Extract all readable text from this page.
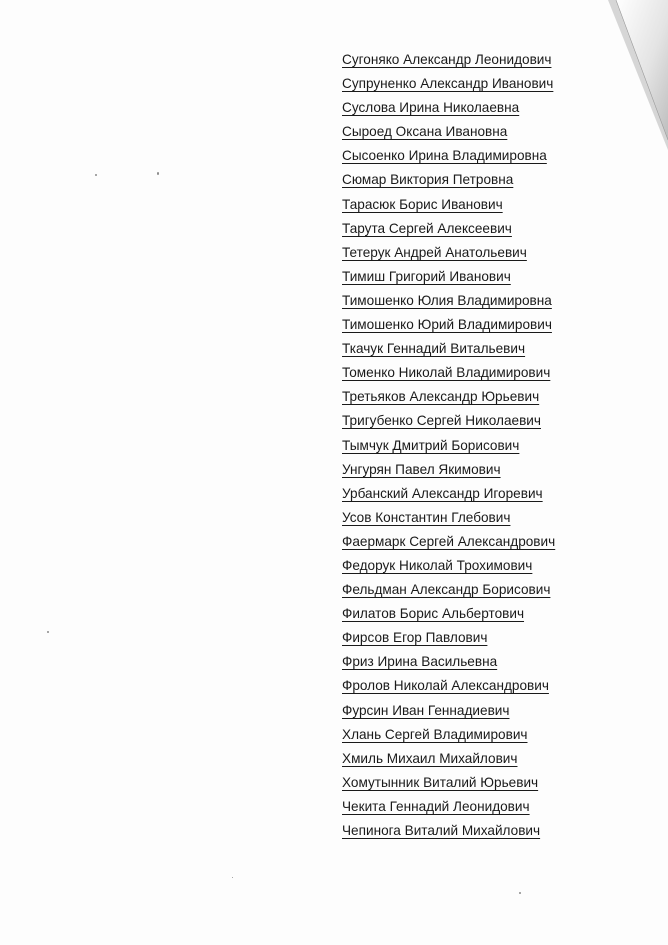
Сугоняко Александр Леонидович
Супруненко Александр Иванович
Суслова Ирина Николаевна
Сыроед Оксана Ивановна
Сысоенко Ирина Владимировна
Сюмар Виктория Петровна
Тарасюк Борис Иванович
Тарута Сергей Алексеевич
Тетерук Андрей Анатольевич
Тимиш Григорий Иванович
Тимошенко Юлия Владимировна
Тимошенко Юрий Владимирович
Ткачук Геннадий Витальевич
Томенко Николай Владимирович
Третьяков Александр Юрьевич
Тригубенко Сергей Николаевич
Тымчук Дмитрий Борисович
Унгурян Павел Якимович
Урбанский Александр Игоревич
Усов Константин Глебович
Фаермарк Сергей Александрович
Федорук Николай Трохимович
Фельдман Александр Борисович
Филатов Борис Альбертович
Фирсов Егор Павлович
Фриз Ирина Васильевна
Фролов Николай Александрович
Фурсин Иван Геннадиевич
Хлань Сергей Владимирович
Хмиль Михаил Михайлович
Хомутынник Виталий Юрьевич
Чекита Геннадий Леонидович
Чепинога Виталий Михайлович
